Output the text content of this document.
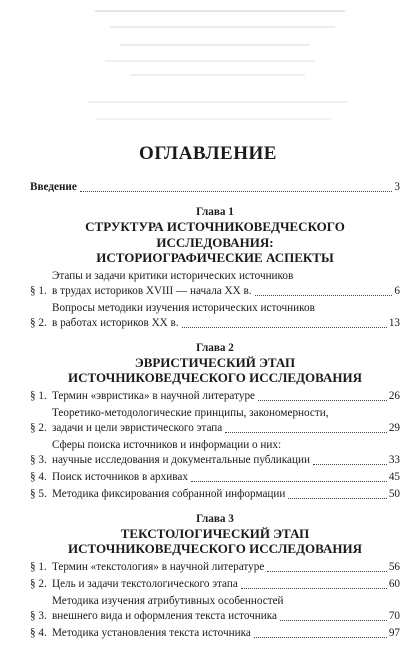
ОГЛАВЛЕНИЕ
Введение	3
Глава 1
СТРУКТУРА ИСТОЧНИКОВЕДЧЕСКОГО
ИССЛЕДОВАНИЯ:
ИСТОРИОГРАФИЧЕСКИЕ АСПЕКТЫ
§ 1.
Этапы и задачи критики исторических источников
в трудах историков XVIII — начала XX в.	6
§ 2.
Вопросы методики изучения исторических источников
в работах историков XX в.	13
Глава 2
ЭВРИСТИЧЕСКИЙ ЭТАП
ИСТОЧНИКОВЕДЧЕСКОГО ИССЛЕДОВАНИЯ
§ 1. Термин «эвристика» в научной литературе	26
§ 2.
Теоретико-методологические принципы, закономерности,
задачи и цели эвристического этапа	29
§ 3.
Сферы поиска источников и информации о них:
научные исследования и документальные публикации	33
§ 4. Поиск источников в архивах	45
§ 5. Методика фиксирования собранной информации	50
Глава 3
ТЕКСТОЛОГИЧЕСКИЙ ЭТАП
ИСТОЧНИКОВЕДЧЕСКОГО ИССЛЕДОВАНИЯ
§ 1. Термин «текстология» в научной литературе	56
§ 2. Цель и задачи текстологического этапа	60
§ 3.
Методика изучения атрибутивных особенностей
внешнего вида и оформления текста источника	70
§ 4. Методика установления текста источника	97
